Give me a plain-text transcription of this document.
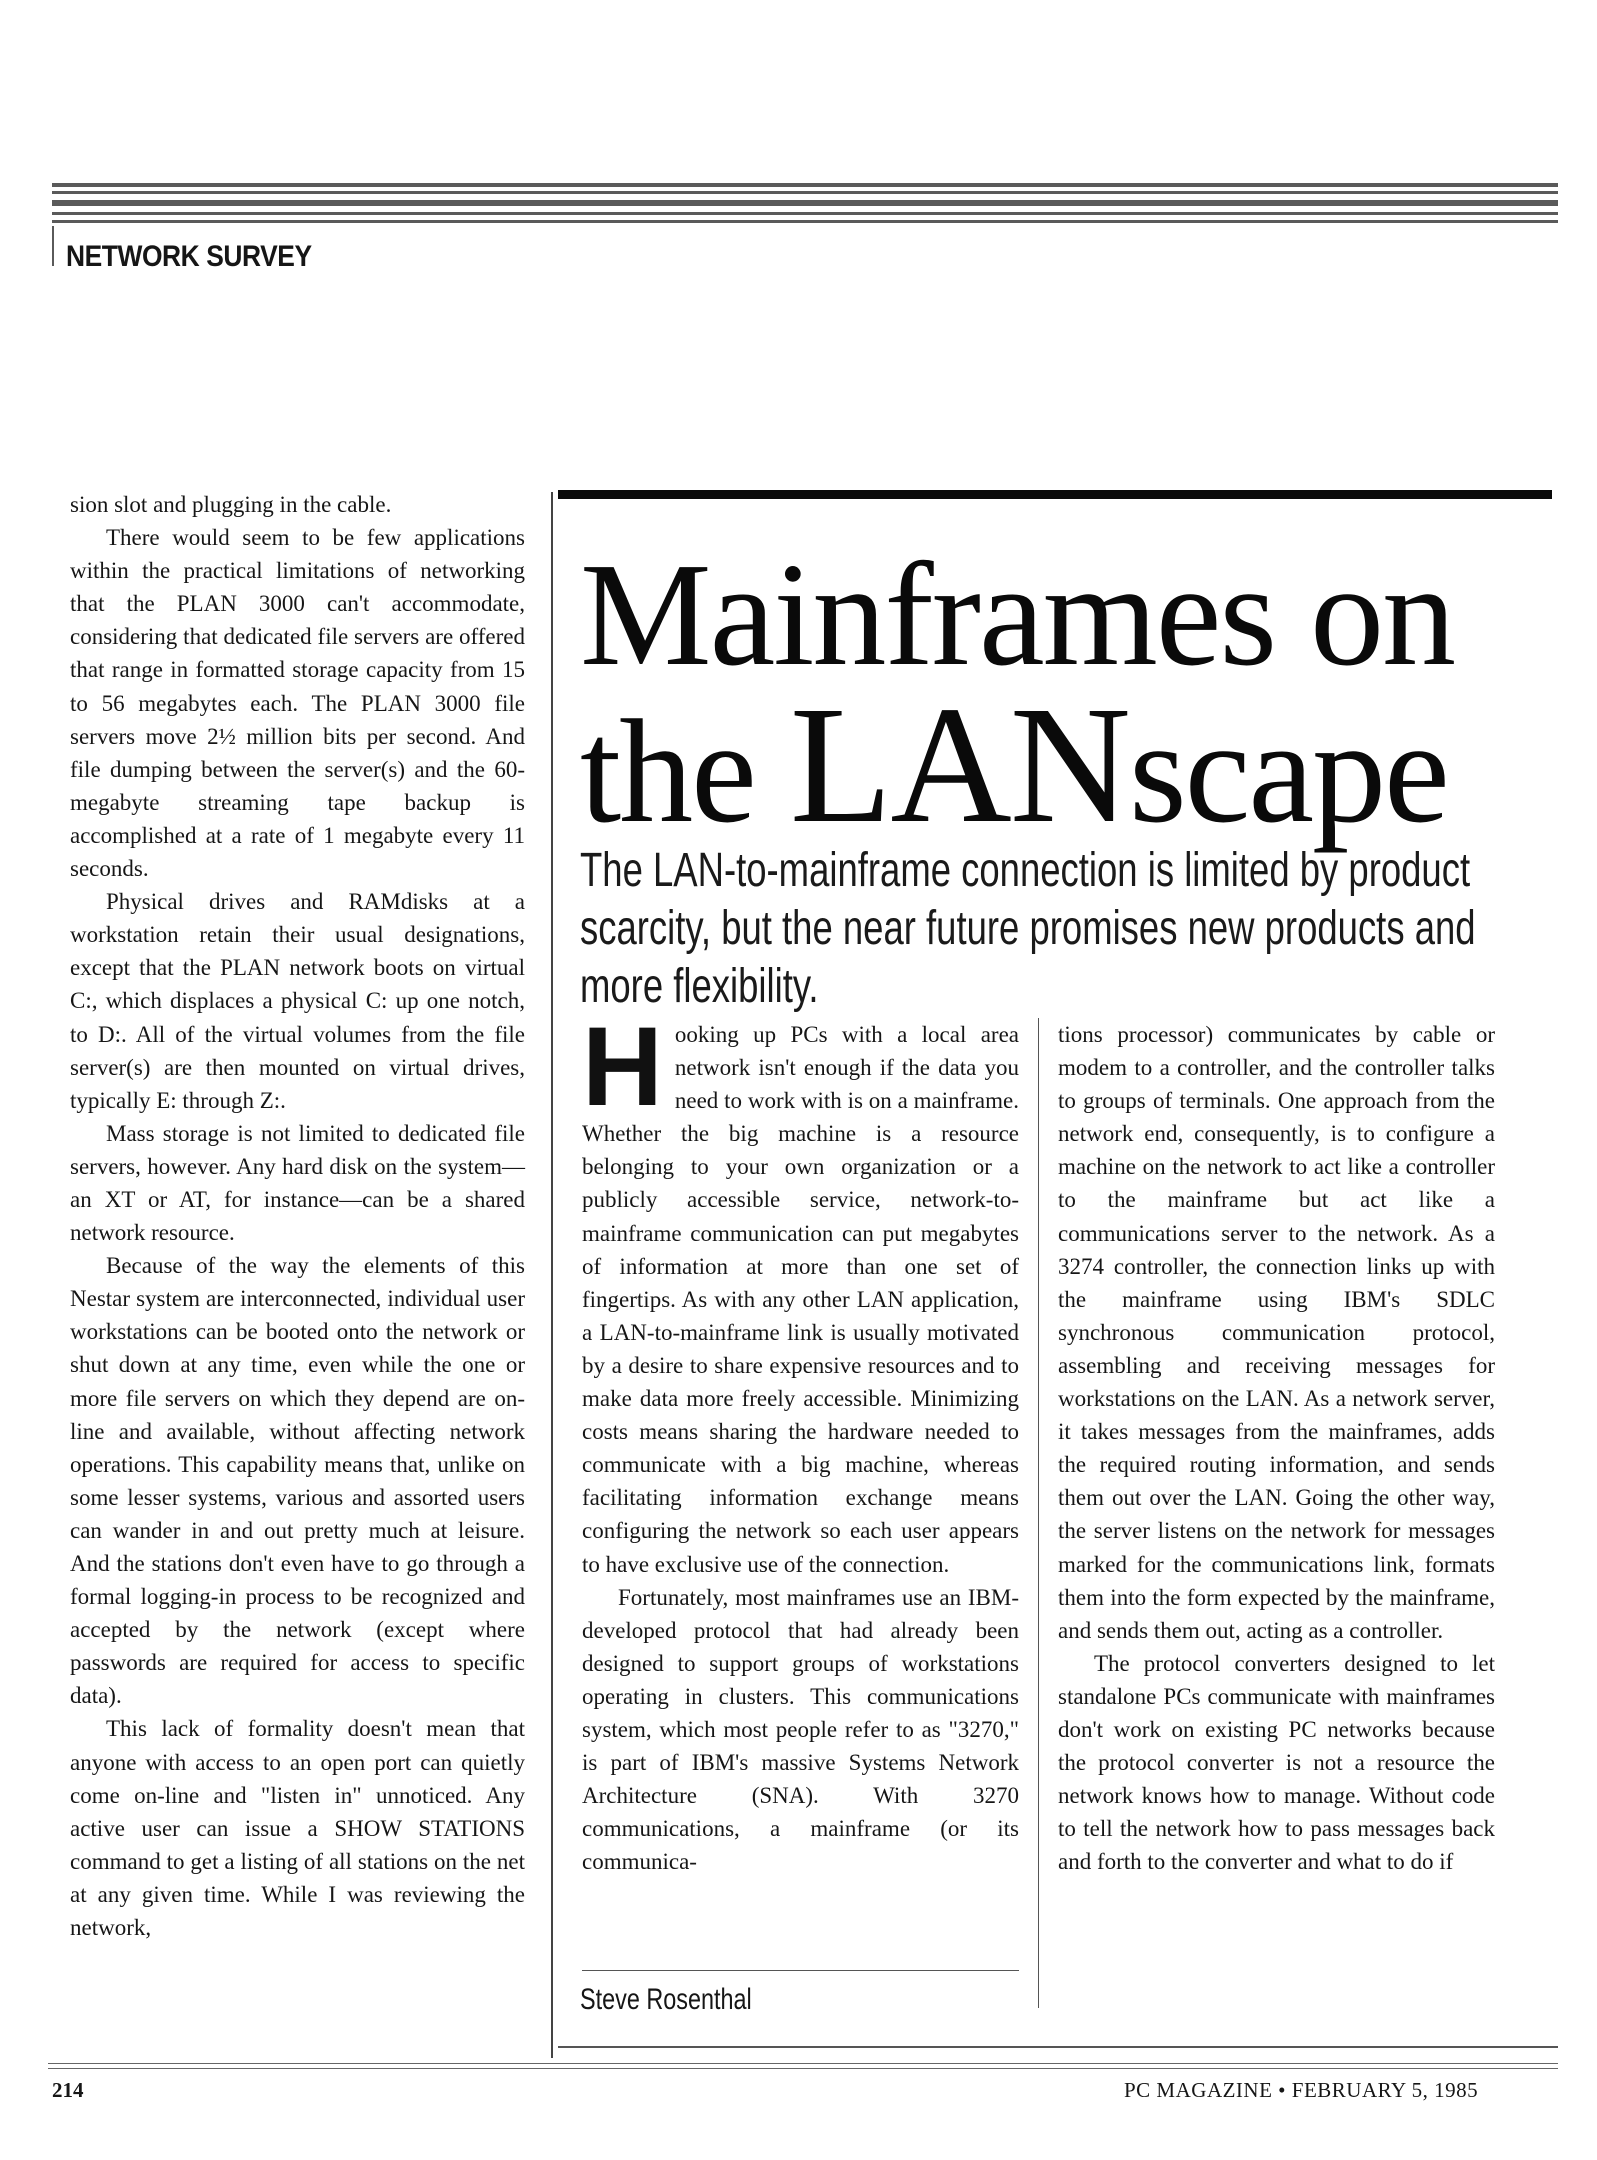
NETWORK SURVEY

sion slot and plugging in the cable.

There would seem to be few applications within the practical limitations of networking that the PLAN 3000 can't accommodate, considering that dedicated file servers are offered that range in formatted storage capacity from 15 to 56 megabytes each. The PLAN 3000 file servers move 2½ million bits per second. And file dumping between the server(s) and the 60-megabyte streaming tape backup is accomplished at a rate of 1 megabyte every 11 seconds.

Physical drives and RAMdisks at a workstation retain their usual designations, except that the PLAN network boots on virtual C:, which displaces a physical C: up one notch, to D:. All of the virtual volumes from the file server(s) are then mounted on virtual drives, typically E: through Z:.

Mass storage is not limited to dedicated file servers, however. Any hard disk on the system—an XT or AT, for instance—can be a shared network resource.

Because of the way the elements of this Nestar system are interconnected, individual user workstations can be booted onto the network or shut down at any time, even while the one or more file servers on which they depend are on-line and available, without affecting network operations. This capability means that, unlike on some lesser systems, various and assorted users can wander in and out pretty much at leisure. And the stations don't even have to go through a formal logging-in process to be recognized and accepted by the network (except where passwords are required for access to specific data).

This lack of formality doesn't mean that anyone with access to an open port can quietly come on-line and "listen in" unnoticed. Any active user can issue a SHOW STATIONS command to get a listing of all stations on the net at any given time. While I was reviewing the network,

Mainframes on
the LANscape
The LAN-to-mainframe connection is limited by product scarcity, but the near future promises new products and more flexibility.

Hooking up PCs with a local area network isn't enough if the data you need to work with is on a mainframe. Whether the big machine is a resource belonging to your own organization or a publicly accessible service, network-to-mainframe communication can put megabytes of information at more than one set of fingertips. As with any other LAN application, a LAN-to-mainframe link is usually motivated by a desire to share expensive resources and to make data more freely accessible. Minimizing costs means sharing the hardware needed to communicate with a big machine, whereas facilitating information exchange means configuring the network so each user appears to have exclusive use of the connection.

Fortunately, most mainframes use an IBM-developed protocol that had already been designed to support groups of workstations operating in clusters. This communications system, which most people refer to as "3270," is part of IBM's massive Systems Network Architecture (SNA). With 3270 communications, a mainframe (or its communica-

tions processor) communicates by cable or modem to a controller, and the controller talks to groups of terminals. One approach from the network end, consequently, is to configure a machine on the network to act like a controller to the mainframe but act like a communications server to the network. As a 3274 controller, the connection links up with the mainframe using IBM's SDLC synchronous communication protocol, assembling and receiving messages for workstations on the LAN. As a network server, it takes messages from the mainframes, adds the required routing information, and sends them out over the LAN. Going the other way, the server listens on the network for messages marked for the communications link, formats them into the form expected by the mainframe, and sends them out, acting as a controller.

The protocol converters designed to let standalone PCs communicate with mainframes don't work on existing PC networks because the protocol converter is not a resource the network knows how to manage. Without code to tell the network how to pass messages back and forth to the converter and what to do if

Steve Rosenthal
214	PC MAGAZINE • FEBRUARY 5, 1985
